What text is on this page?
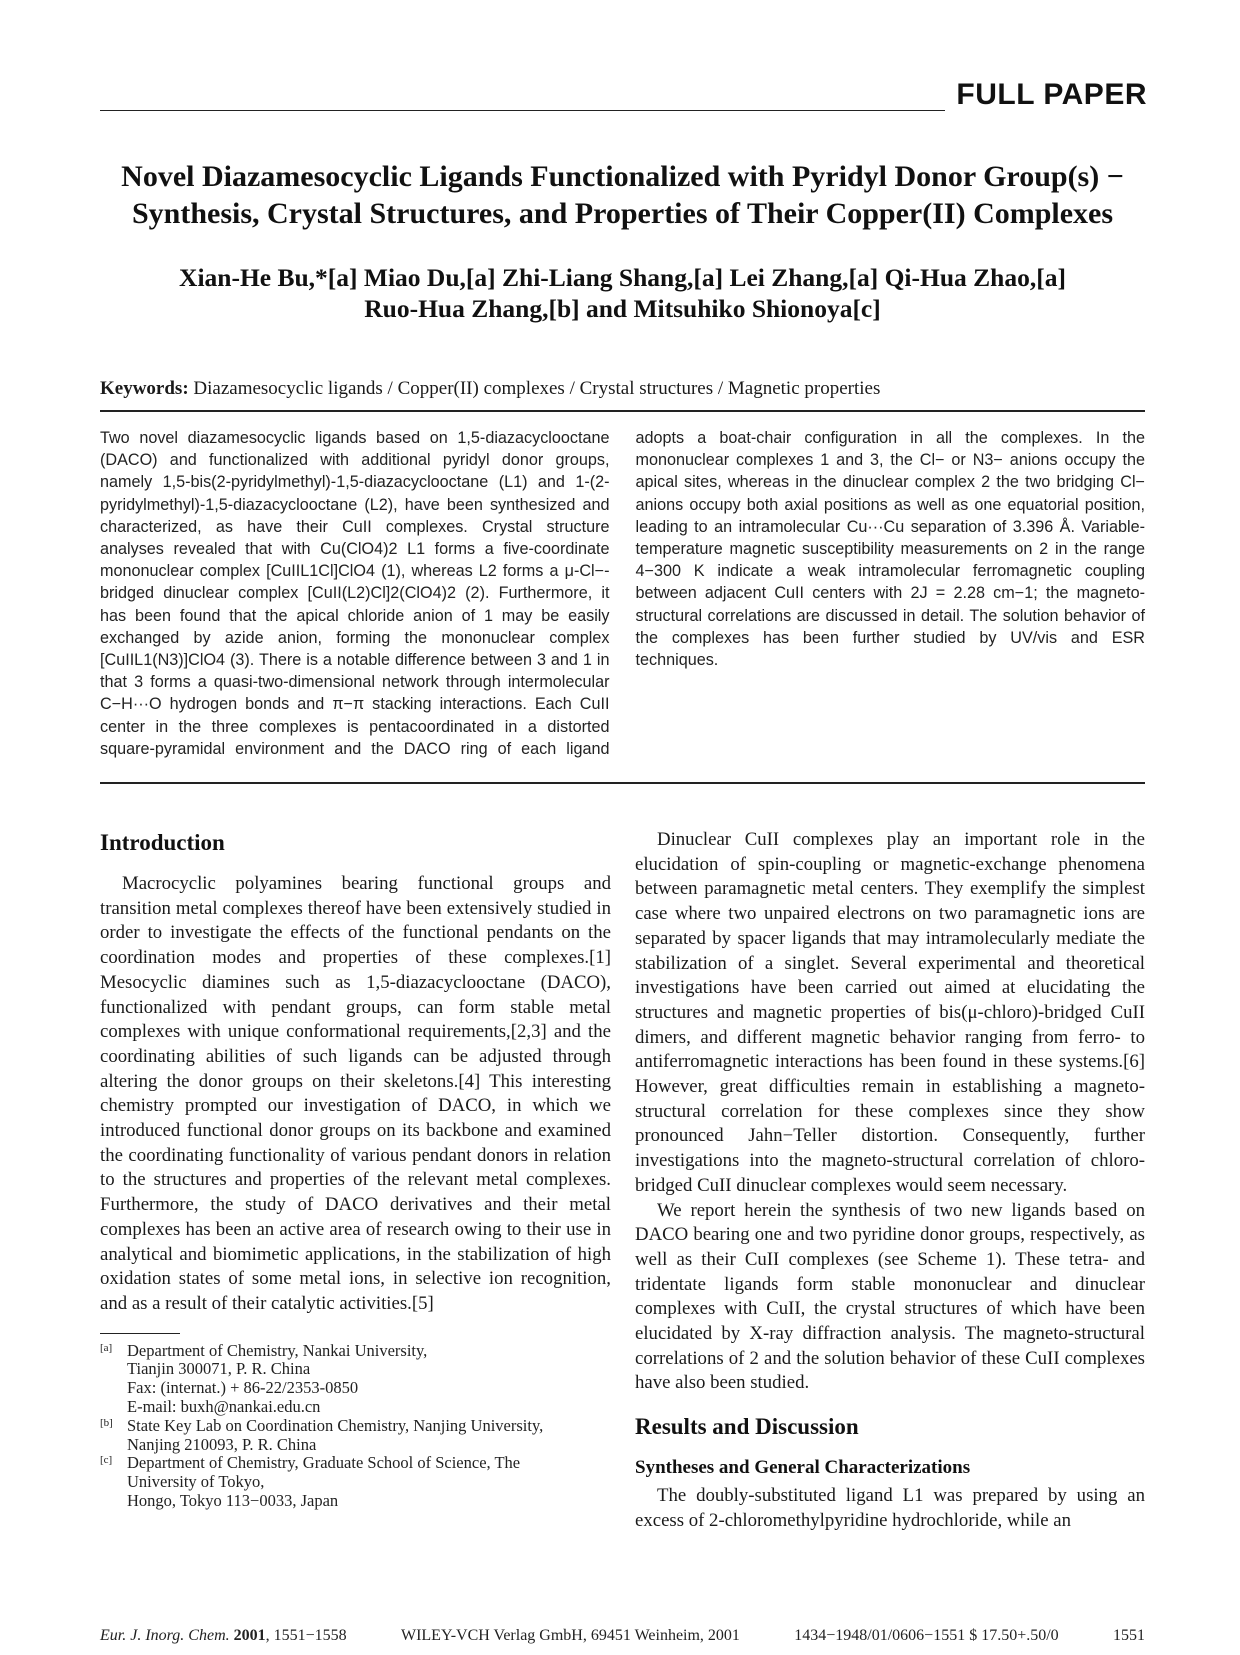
FULL PAPER
Novel Diazamesocyclic Ligands Functionalized with Pyridyl Donor Group(s) −
Synthesis, Crystal Structures, and Properties of Their Copper(II) Complexes
Xian-He Bu,*[a] Miao Du,[a] Zhi-Liang Shang,[a] Lei Zhang,[a] Qi-Hua Zhao,[a]
Ruo-Hua Zhang,[b] and Mitsuhiko Shionoya[c]
Keywords: Diazamesocyclic ligands / Copper(II) complexes / Crystal structures / Magnetic properties
Two novel diazamesocyclic ligands based on 1,5-diazacyclooctane (DACO) and functionalized with additional pyridyl donor groups, namely 1,5-bis(2-pyridylmethyl)-1,5-diazacyclooctane (L1) and 1-(2-pyridylmethyl)-1,5-diazacyclooctane (L2), have been synthesized and characterized, as have their CuII complexes. Crystal structure analyses revealed that with Cu(ClO4)2 L1 forms a five-coordinate mononuclear complex [CuIIL1Cl]ClO4 (1), whereas L2 forms a μ-Cl−-bridged dinuclear complex [CuII(L2)Cl]2(ClO4)2 (2). Furthermore, it has been found that the apical chloride anion of 1 may be easily exchanged by azide anion, forming the mononuclear complex [CuIIL1(N3)]ClO4 (3). There is a notable difference between 3 and 1 in that 3 forms a quasi-two-dimensional network through intermolecular C−H···O hydrogen bonds and π−π stacking interactions. Each CuII center in the three complexes is pentacoordinated in a distorted square-pyramidal environment and the DACO ring of each ligand adopts a boat-chair configuration in all the complexes. In the mononuclear complexes 1 and 3, the Cl− or N3− anions occupy the apical sites, whereas in the dinuclear complex 2 the two bridging Cl− anions occupy both axial positions as well as one equatorial position, leading to an intramolecular Cu···Cu separation of 3.396 Å. Variable-temperature magnetic susceptibility measurements on 2 in the range 4−300 K indicate a weak intramolecular ferromagnetic coupling between adjacent CuII centers with 2J = 2.28 cm−1; the magneto-structural correlations are discussed in detail. The solution behavior of the complexes has been further studied by UV/vis and ESR techniques.
Introduction

Macrocyclic polyamines bearing functional groups and transition metal complexes thereof have been extensively studied in order to investigate the effects of the functional pendants on the coordination modes and properties of these complexes.[1] Mesocyclic diamines such as 1,5-diazacyclooctane (DACO), functionalized with pendant groups, can form stable metal complexes with unique conformational requirements,[2,3] and the coordinating abilities of such ligands can be adjusted through altering the donor groups on their skeletons.[4] This interesting chemistry prompted our investigation of DACO, in which we introduced functional donor groups on its backbone and examined the coordinating functionality of various pendant donors in relation to the structures and properties of the relevant metal complexes. Furthermore, the study of DACO derivatives and their metal complexes has been an active area of research owing to their use in analytical and biomimetic applications, in the stabilization of high oxidation states of some metal ions, in selective ion recognition, and as a result of their catalytic activities.[5]

[a] Department of Chemistry, Nankai University,
Tianjin 300071, P. R. China
Fax: (internat.) + 86-22/2353-0850
E-mail: buxh@nankai.edu.cn
[b] State Key Lab on Coordination Chemistry, Nanjing University,
Nanjing 210093, P. R. China
[c] Department of Chemistry, Graduate School of Science, The
University of Tokyo,
Hongo, Tokyo 113−0033, Japan

Dinuclear CuII complexes play an important role in the elucidation of spin-coupling or magnetic-exchange phenomena between paramagnetic metal centers. They exemplify the simplest case where two unpaired electrons on two paramagnetic ions are separated by spacer ligands that may intramolecularly mediate the stabilization of a singlet. Several experimental and theoretical investigations have been carried out aimed at elucidating the structures and magnetic properties of bis(μ-chloro)-bridged CuII dimers, and different magnetic behavior ranging from ferro- to antiferromagnetic interactions has been found in these systems.[6] However, great difficulties remain in establishing a magneto-structural correlation for these complexes since they show pronounced Jahn−Teller distortion. Consequently, further investigations into the magneto-structural correlation of chloro-bridged CuII dinuclear complexes would seem necessary.

We report herein the synthesis of two new ligands based on DACO bearing one and two pyridine donor groups, respectively, as well as their CuII complexes (see Scheme 1). These tetra- and tridentate ligands form stable mononuclear and dinuclear complexes with CuII, the crystal structures of which have been elucidated by X-ray diffraction analysis. The magneto-structural correlations of 2 and the solution behavior of these CuII complexes have also been studied.

Results and Discussion
Syntheses and General Characterizations

The doubly-substituted ligand L1 was prepared by using an excess of 2-chloromethylpyridine hydrochloride, while an

Eur. J. Inorg. Chem. 2001, 1551−1558	WILEY-VCH Verlag GmbH, 69451 Weinheim, 2001	1434−1948/01/0606−1551 $ 17.50+.50/0	1551
